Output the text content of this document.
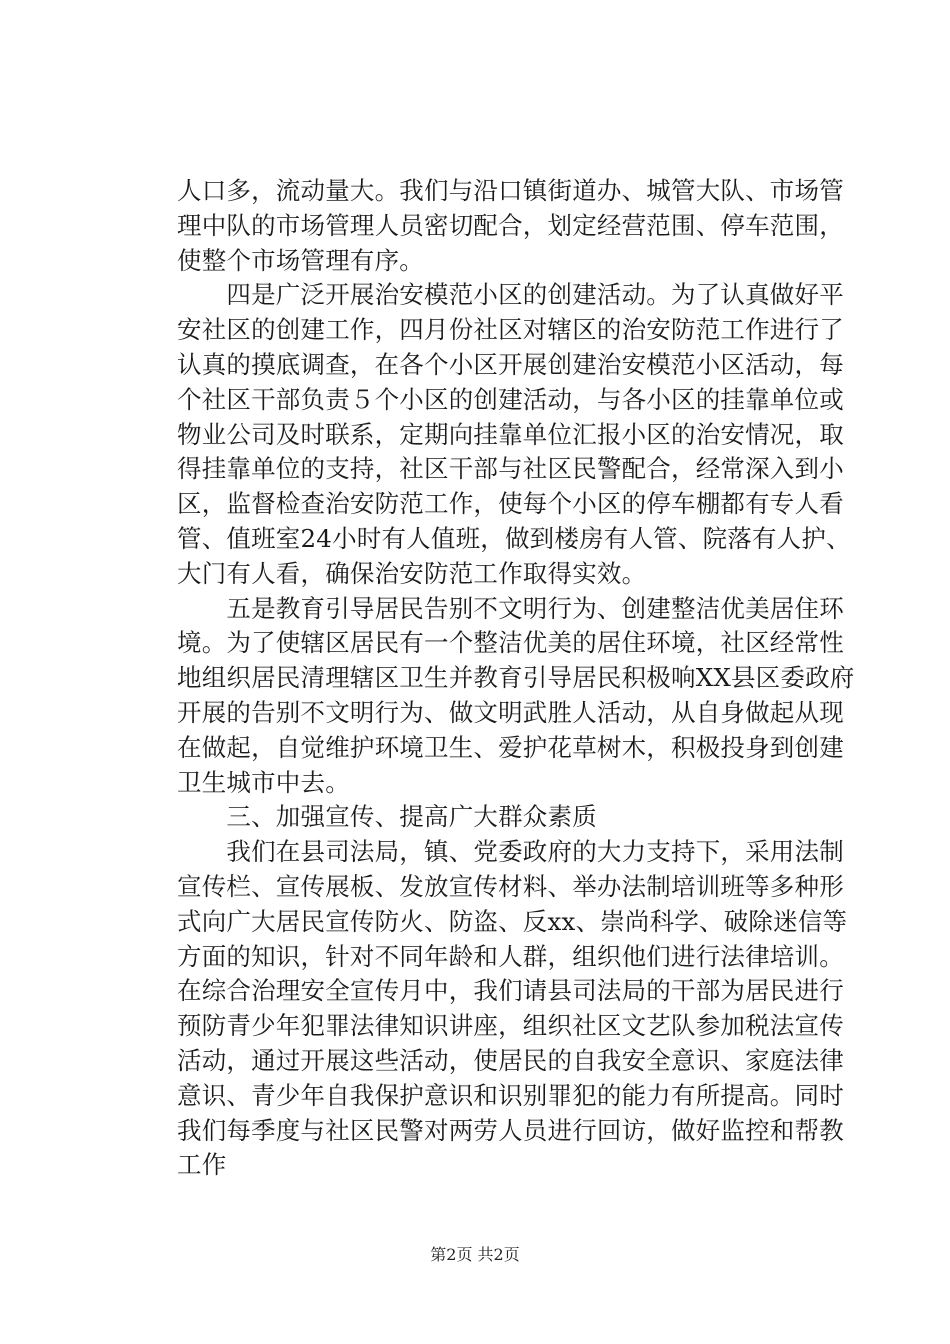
人口多，流动量大。我们与沿口镇街道办、城管大队、市场管
理中队的市场管理人员密切配合，划定经营范围、停车范围，
使整个市场管理有序。
　　四是广泛开展治安模范小区的创建活动。为了认真做好平
安社区的创建工作，四月份社区对辖区的治安防范工作进行了
认真的摸底调查，在各个小区开展创建治安模范小区活动，每
个社区干部负责５个小区的创建活动，与各小区的挂靠单位或
物业公司及时联系，定期向挂靠单位汇报小区的治安情况，取
得挂靠单位的支持，社区干部与社区民警配合，经常深入到小
区，监督检查治安防范工作，使每个小区的停车棚都有专人看
管、值班室24小时有人值班，做到楼房有人管、院落有人护、
大门有人看，确保治安防范工作取得实效。
　　五是教育引导居民告别不文明行为、创建整洁优美居住环
境。为了使辖区居民有一个整洁优美的居住环境，社区经常性
地组织居民清理辖区卫生并教育引导居民积极响XX县区委政府
开展的告别不文明行为、做文明武胜人活动，从自身做起从现
在做起，自觉维护环境卫生、爱护花草树木，积极投身到创建
卫生城市中去。
　　三、加强宣传、提高广大群众素质
　　我们在县司法局，镇、党委政府的大力支持下，采用法制
宣传栏、宣传展板、发放宣传材料、举办法制培训班等多种形
式向广大居民宣传防火、防盗、反xx、崇尚科学、破除迷信等
方面的知识，针对不同年龄和人群，组织他们进行法律培训。
在综合治理安全宣传月中，我们请县司法局的干部为居民进行
预防青少年犯罪法律知识讲座，组织社区文艺队参加税法宣传
活动，通过开展这些活动，使居民的自我安全意识、家庭法律
意识、青少年自我保护意识和识别罪犯的能力有所提高。同时
我们每季度与社区民警对两劳人员进行回访，做好监控和帮教
工作
第2页 共2页
